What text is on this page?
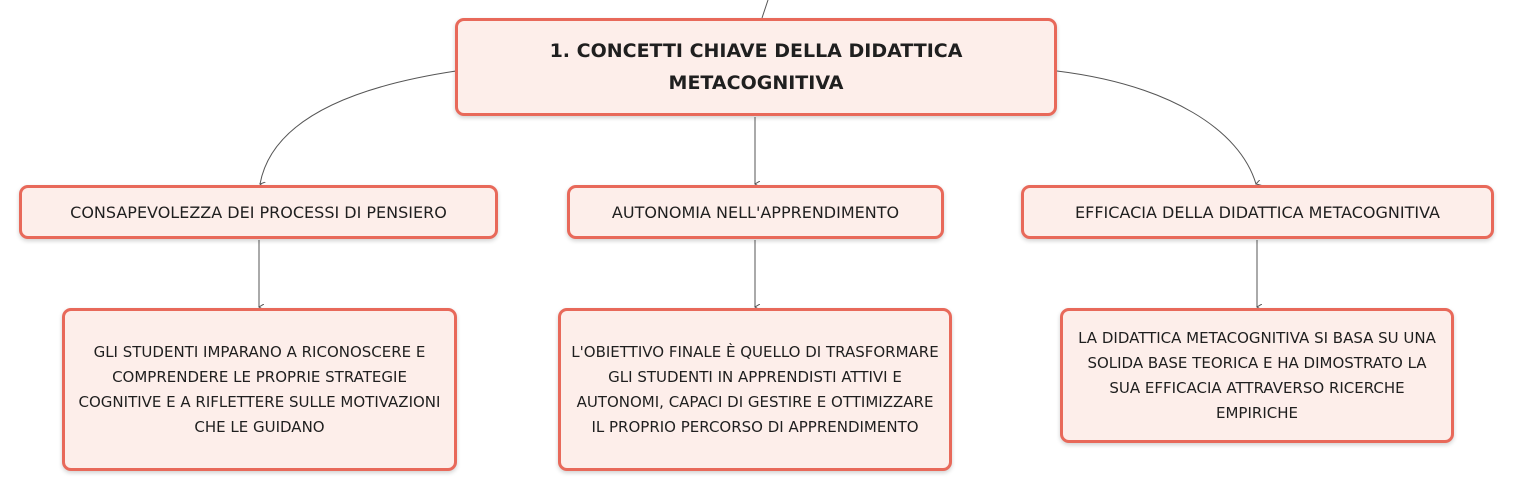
1. CONCETTI CHIAVE DELLA DIDATTICA METACOGNITIVA
CONSAPEVOLEZZA DEI PROCESSI DI PENSIERO	AUTONOMIA NELL'APPRENDIMENTO	EFFICACIA DELLA DIDATTICA METACOGNITIVA
GLI STUDENTI IMPARANO A RICONOSCERE E COMPRENDERE LE PROPRIE STRATEGIE COGNITIVE E A RIFLETTERE SULLE MOTIVAZIONI CHE LE GUIDANO
L'OBIETTIVO FINALE È QUELLO DI TRASFORMARE GLI STUDENTI IN APPRENDISTI ATTIVI E AUTONOMI, CAPACI DI GESTIRE E OTTIMIZZARE IL PROPRIO PERCORSO DI APPRENDIMENTO
LA DIDATTICA METACOGNITIVA SI BASA SU UNA SOLIDA BASE TEORICA E HA DIMOSTRATO LA SUA EFFICACIA ATTRAVERSO RICERCHE EMPIRICHE
